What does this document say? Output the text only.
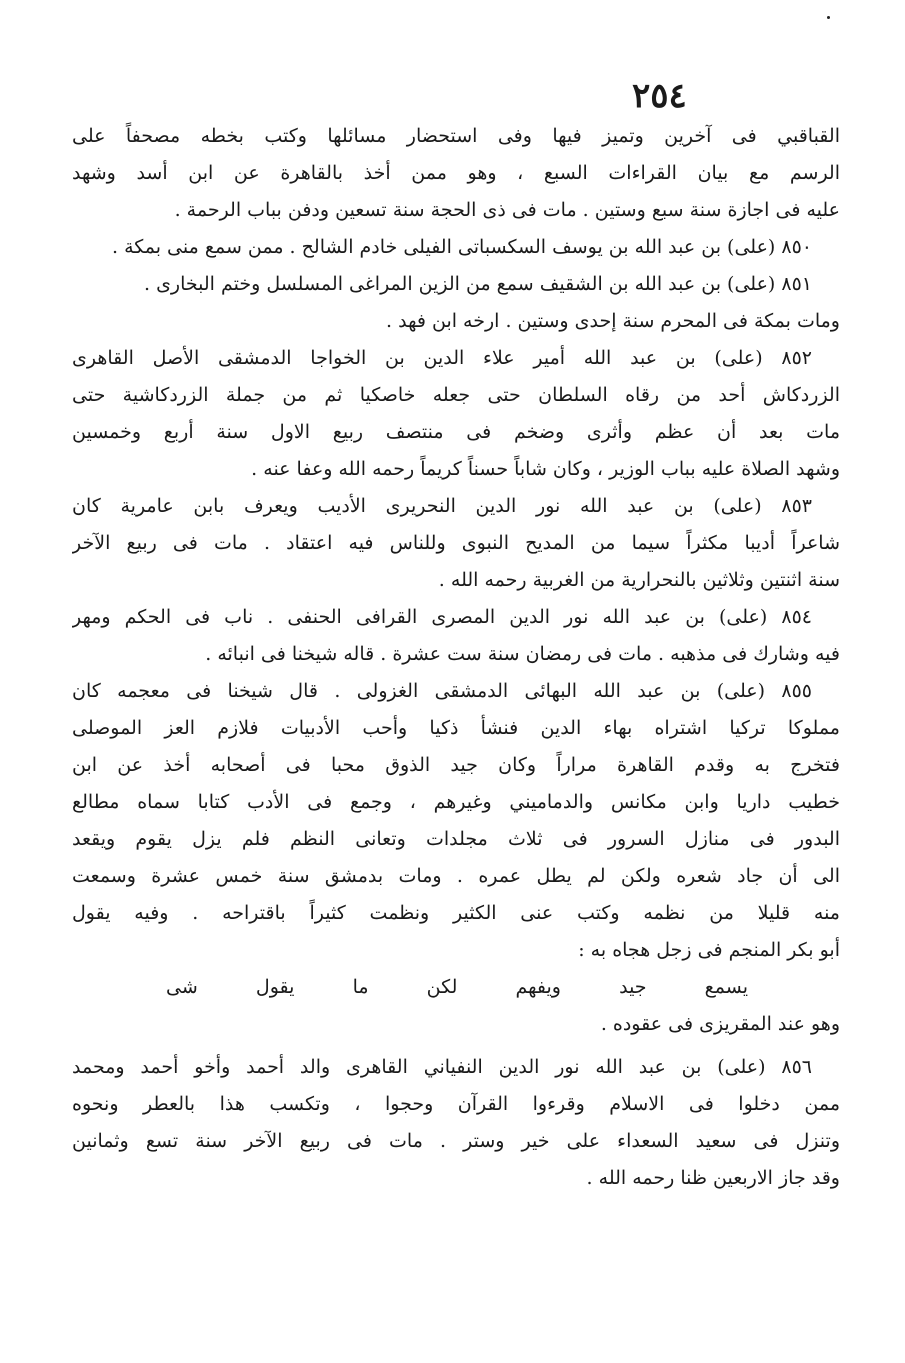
٢٥٤
القباقبي فى آخرين وتميز فيها وفى استحضار مسائلها وكتب بخطه مصحفاً على
الرسم مع بيان القراءات السبع ، وهو ممن أخذ بالقاهرة عن ابن أسد وشهد
عليه فى اجازة سنة سبع وستين . مات فى ذى الحجة سنة تسعين ودفن بباب الرحمة .
٨٥٠ (على) بن عبد الله بن يوسف السكسباتى الفيلى خادم الشالح . ممن سمع منى بمكة .
٨٥١ (على) بن عبد الله بن الشقيف سمع من الزين المراغى المسلسل وختم البخارى .
ومات بمكة فى المحرم سنة إحدى وستين . ارخه ابن فهد .
٨٥٢ (على) بن عبد الله أمير علاء الدين بن الخواجا الدمشقى الأصل القاهرى
الزردكاش أحد من رقاه السلطان حتى جعله خاصكيا ثم من جملة الزردكاشية حتى
مات بعد أن عظم وأثرى وضخم فى منتصف ربيع الاول سنة أربع وخمسين
وشهد الصلاة عليه بباب الوزير ، وكان شاباً حسناً كريماً رحمه الله وعفا عنه .
٨٥٣ (على) بن عبد الله نور الدين النحريرى الأديب ويعرف بابن عامرية كان
شاعراً أديبا مكثراً سيما من المديح النبوى وللناس فيه اعتقاد . مات فى ربيع الآخر
سنة اثنتين وثلاثين بالنحرارية من الغربية رحمه الله .
٨٥٤ (على) بن عبد الله نور الدين المصرى القرافى الحنفى . ناب فى الحكم ومهر
فيه وشارك فى مذهبه . مات فى رمضان سنة ست عشرة . قاله شيخنا فى انبائه .
٨٥٥ (على) بن عبد الله البهائى الدمشقى الغزولى . قال شيخنا فى معجمه كان
مملوكا تركيا اشتراه بهاء الدين فنشأ ذكيا وأحب الأدبيات فلازم العز الموصلى
فتخرج به وقدم القاهرة مراراً وكان جيد الذوق محبا فى أصحابه أخذ عن ابن
خطيب داريا وابن مكانس والدماميني وغيرهم ، وجمع فى الأدب كتابا سماه مطالع
البدور فى منازل السرور فى ثلاث مجلدات وتعانى النظم فلم يزل يقوم ويقعد
الى أن جاد شعره ولكن لم يطل عمره . ومات بدمشق سنة خمس عشرة وسمعت
منه قليلا من نظمه وكتب عنى الكثير ونظمت كثيراً باقتراحه . وفيه يقول
أبو بكر المنجم فى زجل هجاه به :
يسمع
جيد
ويفهم
لكن
ما
يقول
شى
وهو عند المقريزى فى عقوده .
٨٥٦ (على) بن عبد الله نور الدين النفياني القاهرى والد أحمد وأخو أحمد ومحمد
ممن دخلوا فى الاسلام وقرءوا القرآن وحجوا ، وتكسب هذا بالعطر ونحوه
وتنزل فى سعيد السعداء على خير وستر . مات فى ربيع الآخر سنة تسع وثمانين
وقد جاز الاربعين ظنا رحمه الله .
